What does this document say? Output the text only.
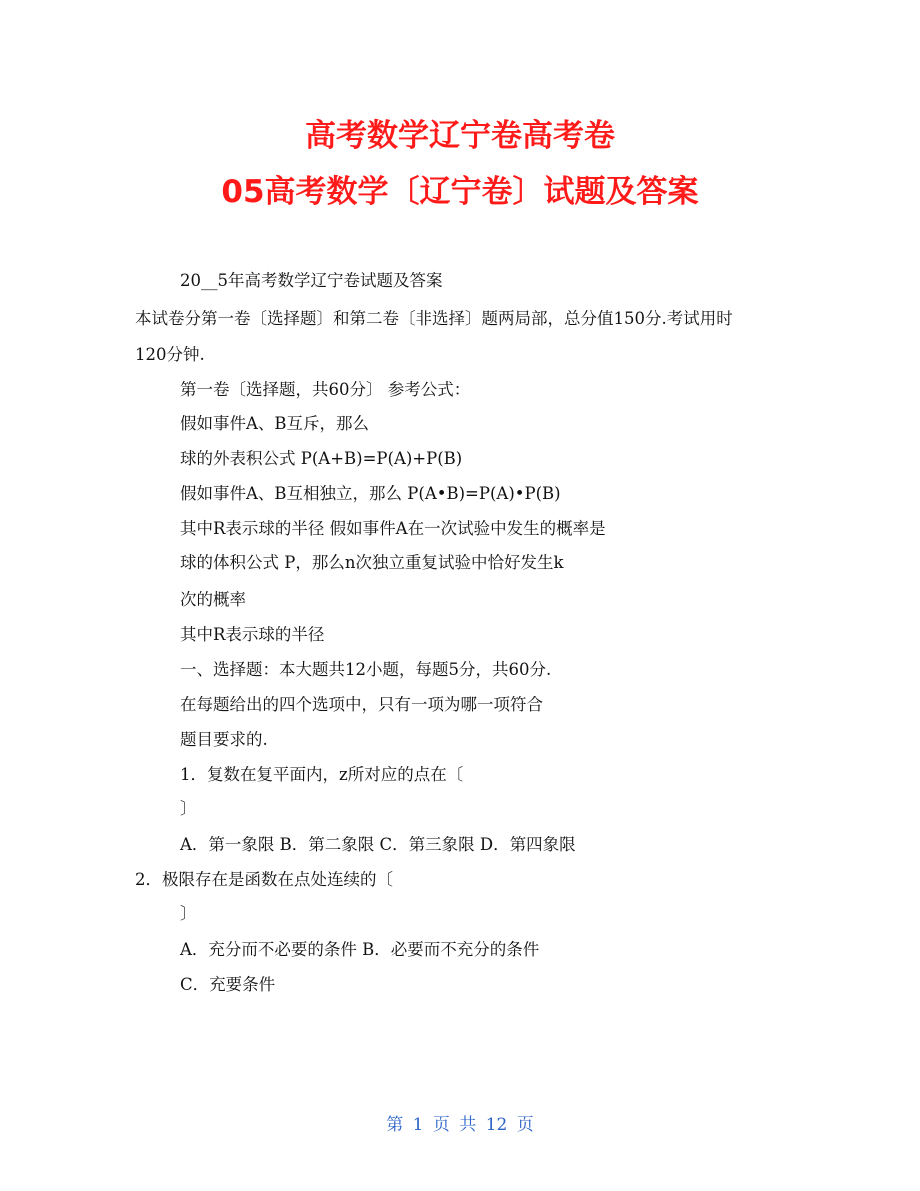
高考数学辽宁卷高考卷
05高考数学〔辽宁卷〕试题及答案

20__5年高考数学辽宁卷试题及答案

本试卷分第一卷〔选择题〕和第二卷〔非选择〕题两局部，总分值150分.考试用时

120分钟.

第一卷〔选择题，共60分〕 参考公式：

假如事件A、B互斥，那么

球的外表积公式 P(A+B)=P(A)+P(B)

假如事件A、B互相独立，那么 P(A•B)=P(A)•P(B)

其中R表示球的半径 假如事件A在一次试验中发生的概率是

球的体积公式 P，那么n次独立重复试验中恰好发生k

次的概率

其中R表示球的半径

一、选择题：本大题共12小题，每题5分，共60分.

在每题给出的四个选项中，只有一项为哪一项符合

题目要求的.

1．复数在复平面内，z所对应的点在〔

〕

A．第一象限 B．第二象限 C．第三象限 D．第四象限

2．极限存在是函数在点处连续的〔

〕

A．充分而不必要的条件 B．必要而不充分的条件

C．充要条件

第 1 页 共 12 页
